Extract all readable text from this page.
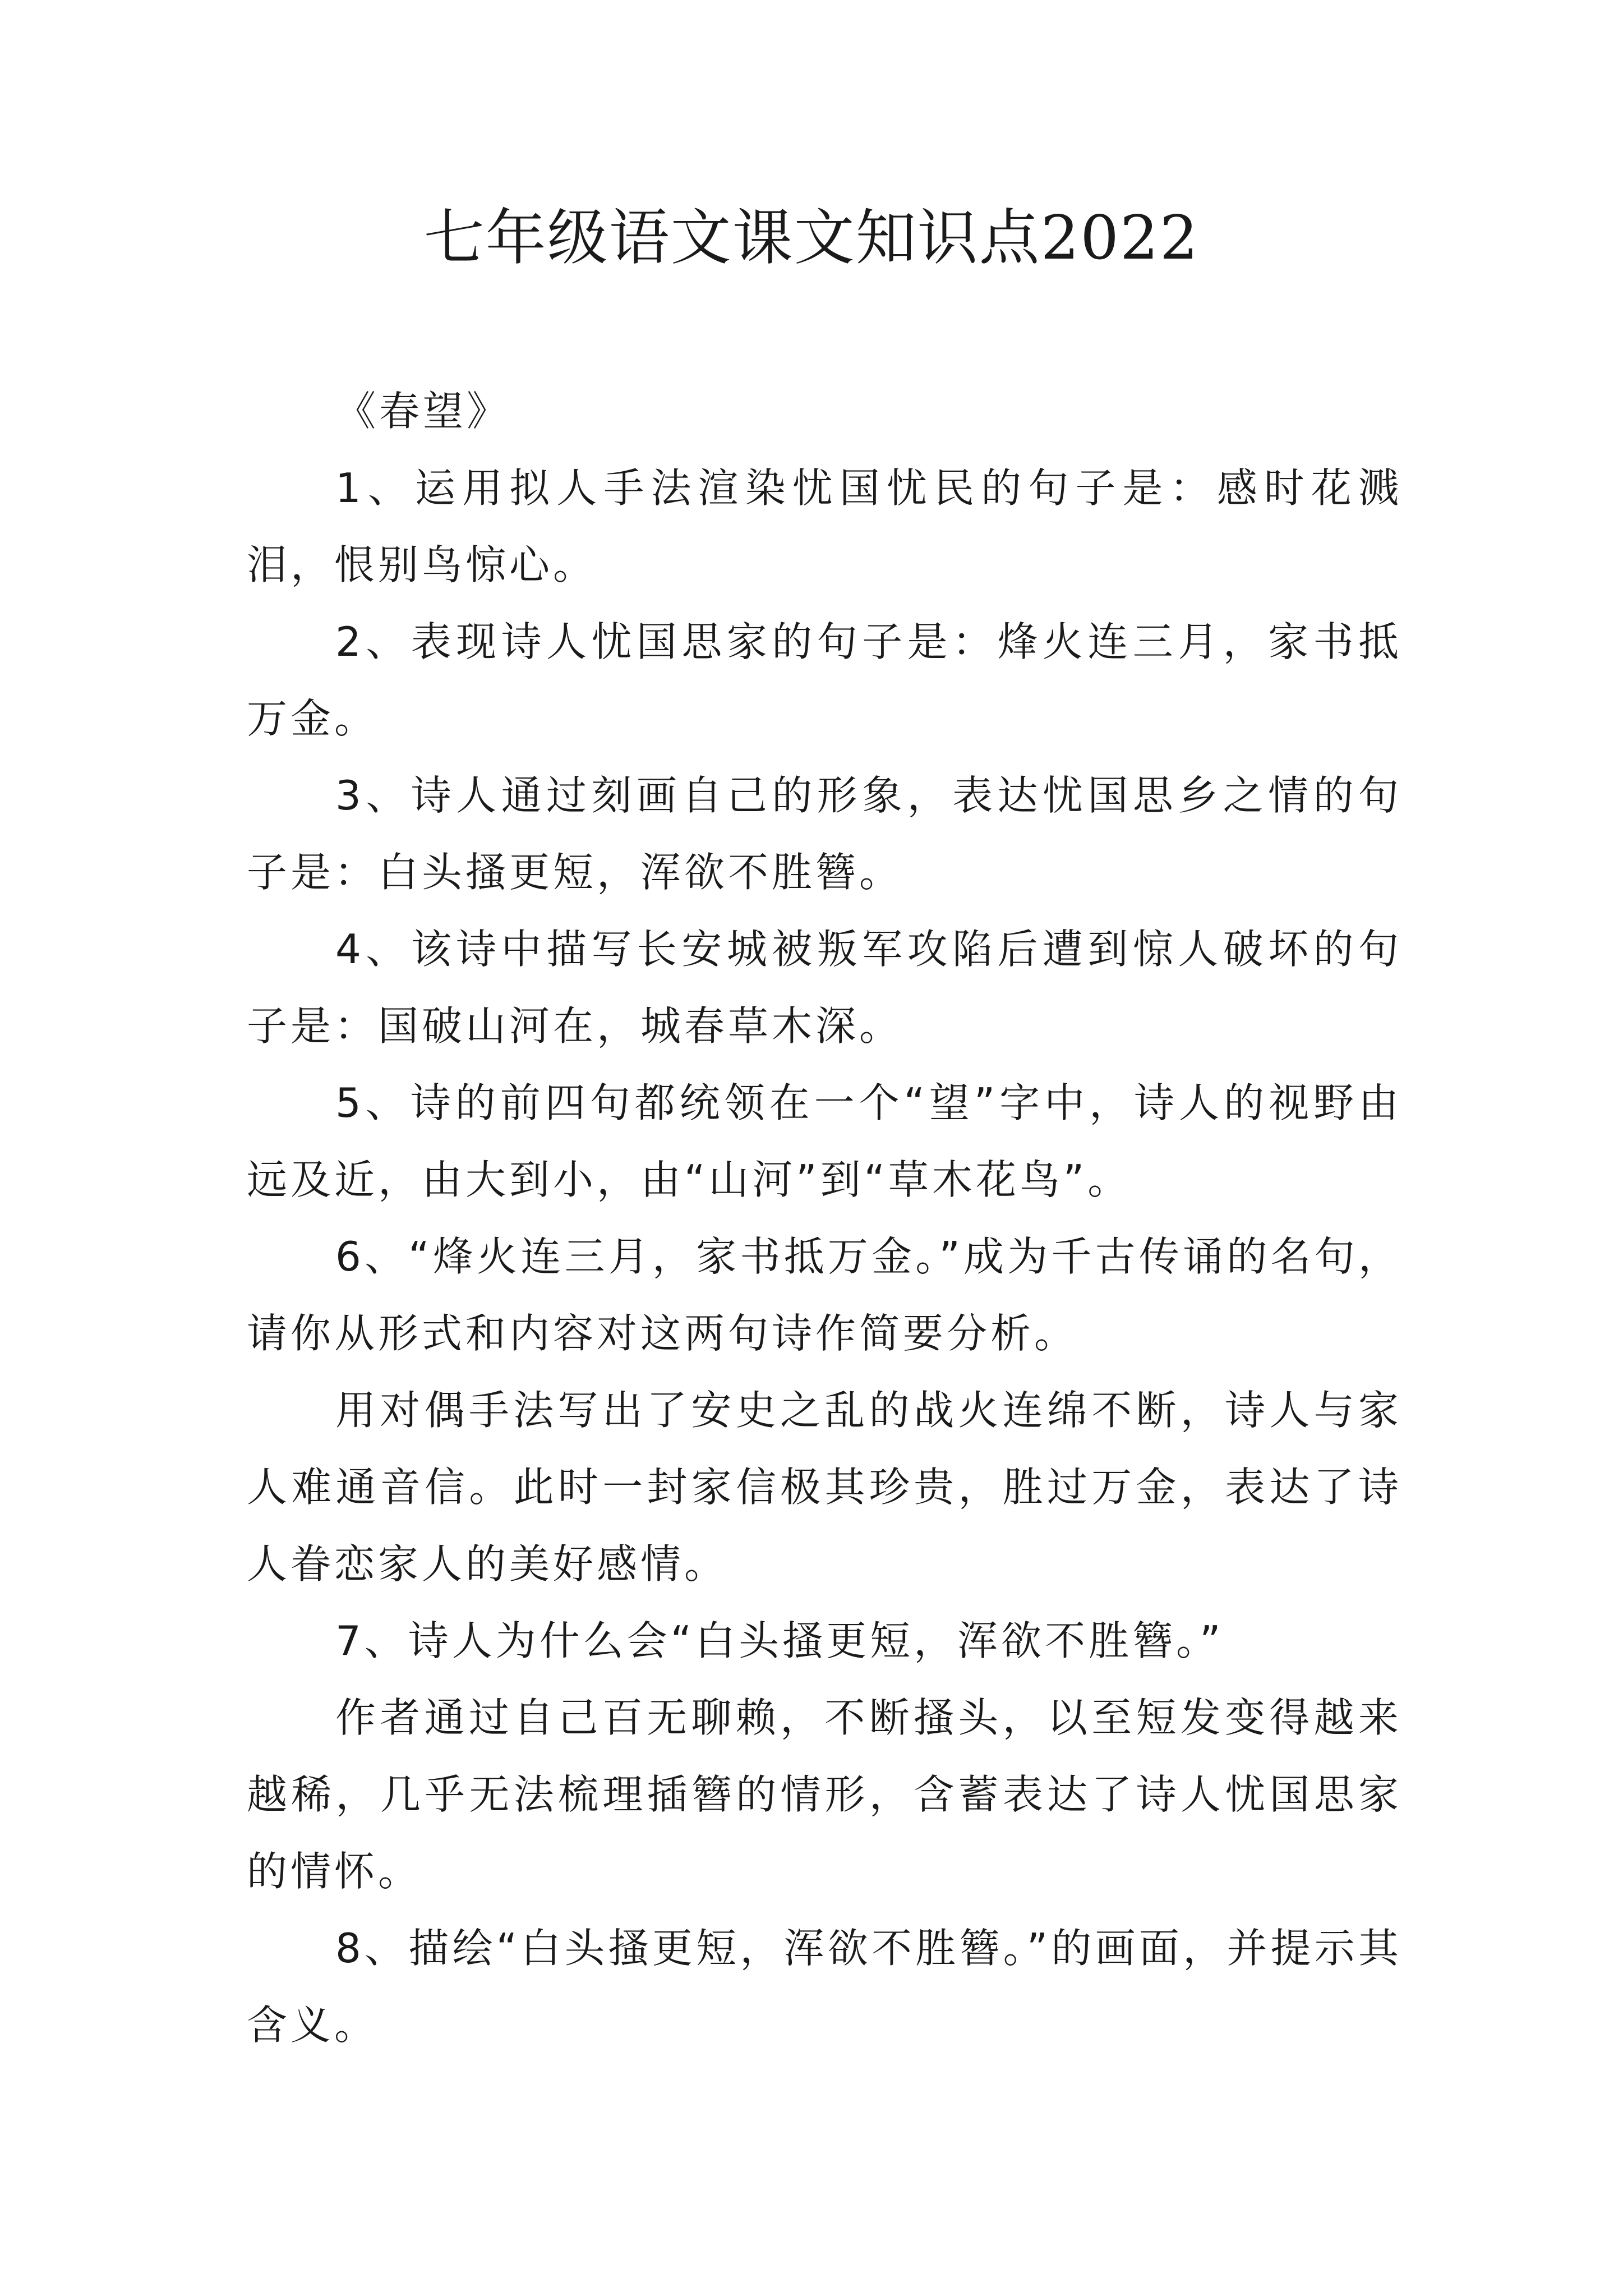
七年级语文课文知识点2022

《春望》

1、运用拟人手法渲染忧国忧民的句子是：感时花溅泪，恨别鸟惊心。

2、表现诗人忧国思家的句子是：烽火连三月，家书抵万金。

3、诗人通过刻画自己的形象，表达忧国思乡之情的句子是：白头搔更短，浑欲不胜簪。

4、该诗中描写长安城被叛军攻陷后遭到惊人破坏的句子是：国破山河在，城春草木深。

5、诗的前四句都统领在一个“望”字中，诗人的视野由远及近，由大到小，由“山河”到“草木花鸟”。

6、“烽火连三月，家书抵万金。”成为千古传诵的名句，请你从形式和内容对这两句诗作简要分析。

用对偶手法写出了安史之乱的战火连绵不断，诗人与家人难通音信。此时一封家信极其珍贵，胜过万金，表达了诗人眷恋家人的美好感情。

7、诗人为什么会“白头搔更短，浑欲不胜簪。”

作者通过自己百无聊赖，不断搔头，以至短发变得越来越稀，几乎无法梳理插簪的情形，含蓄表达了诗人忧国思家的情怀。

8、描绘“白头搔更短，浑欲不胜簪。”的画面，并提示其含义。
